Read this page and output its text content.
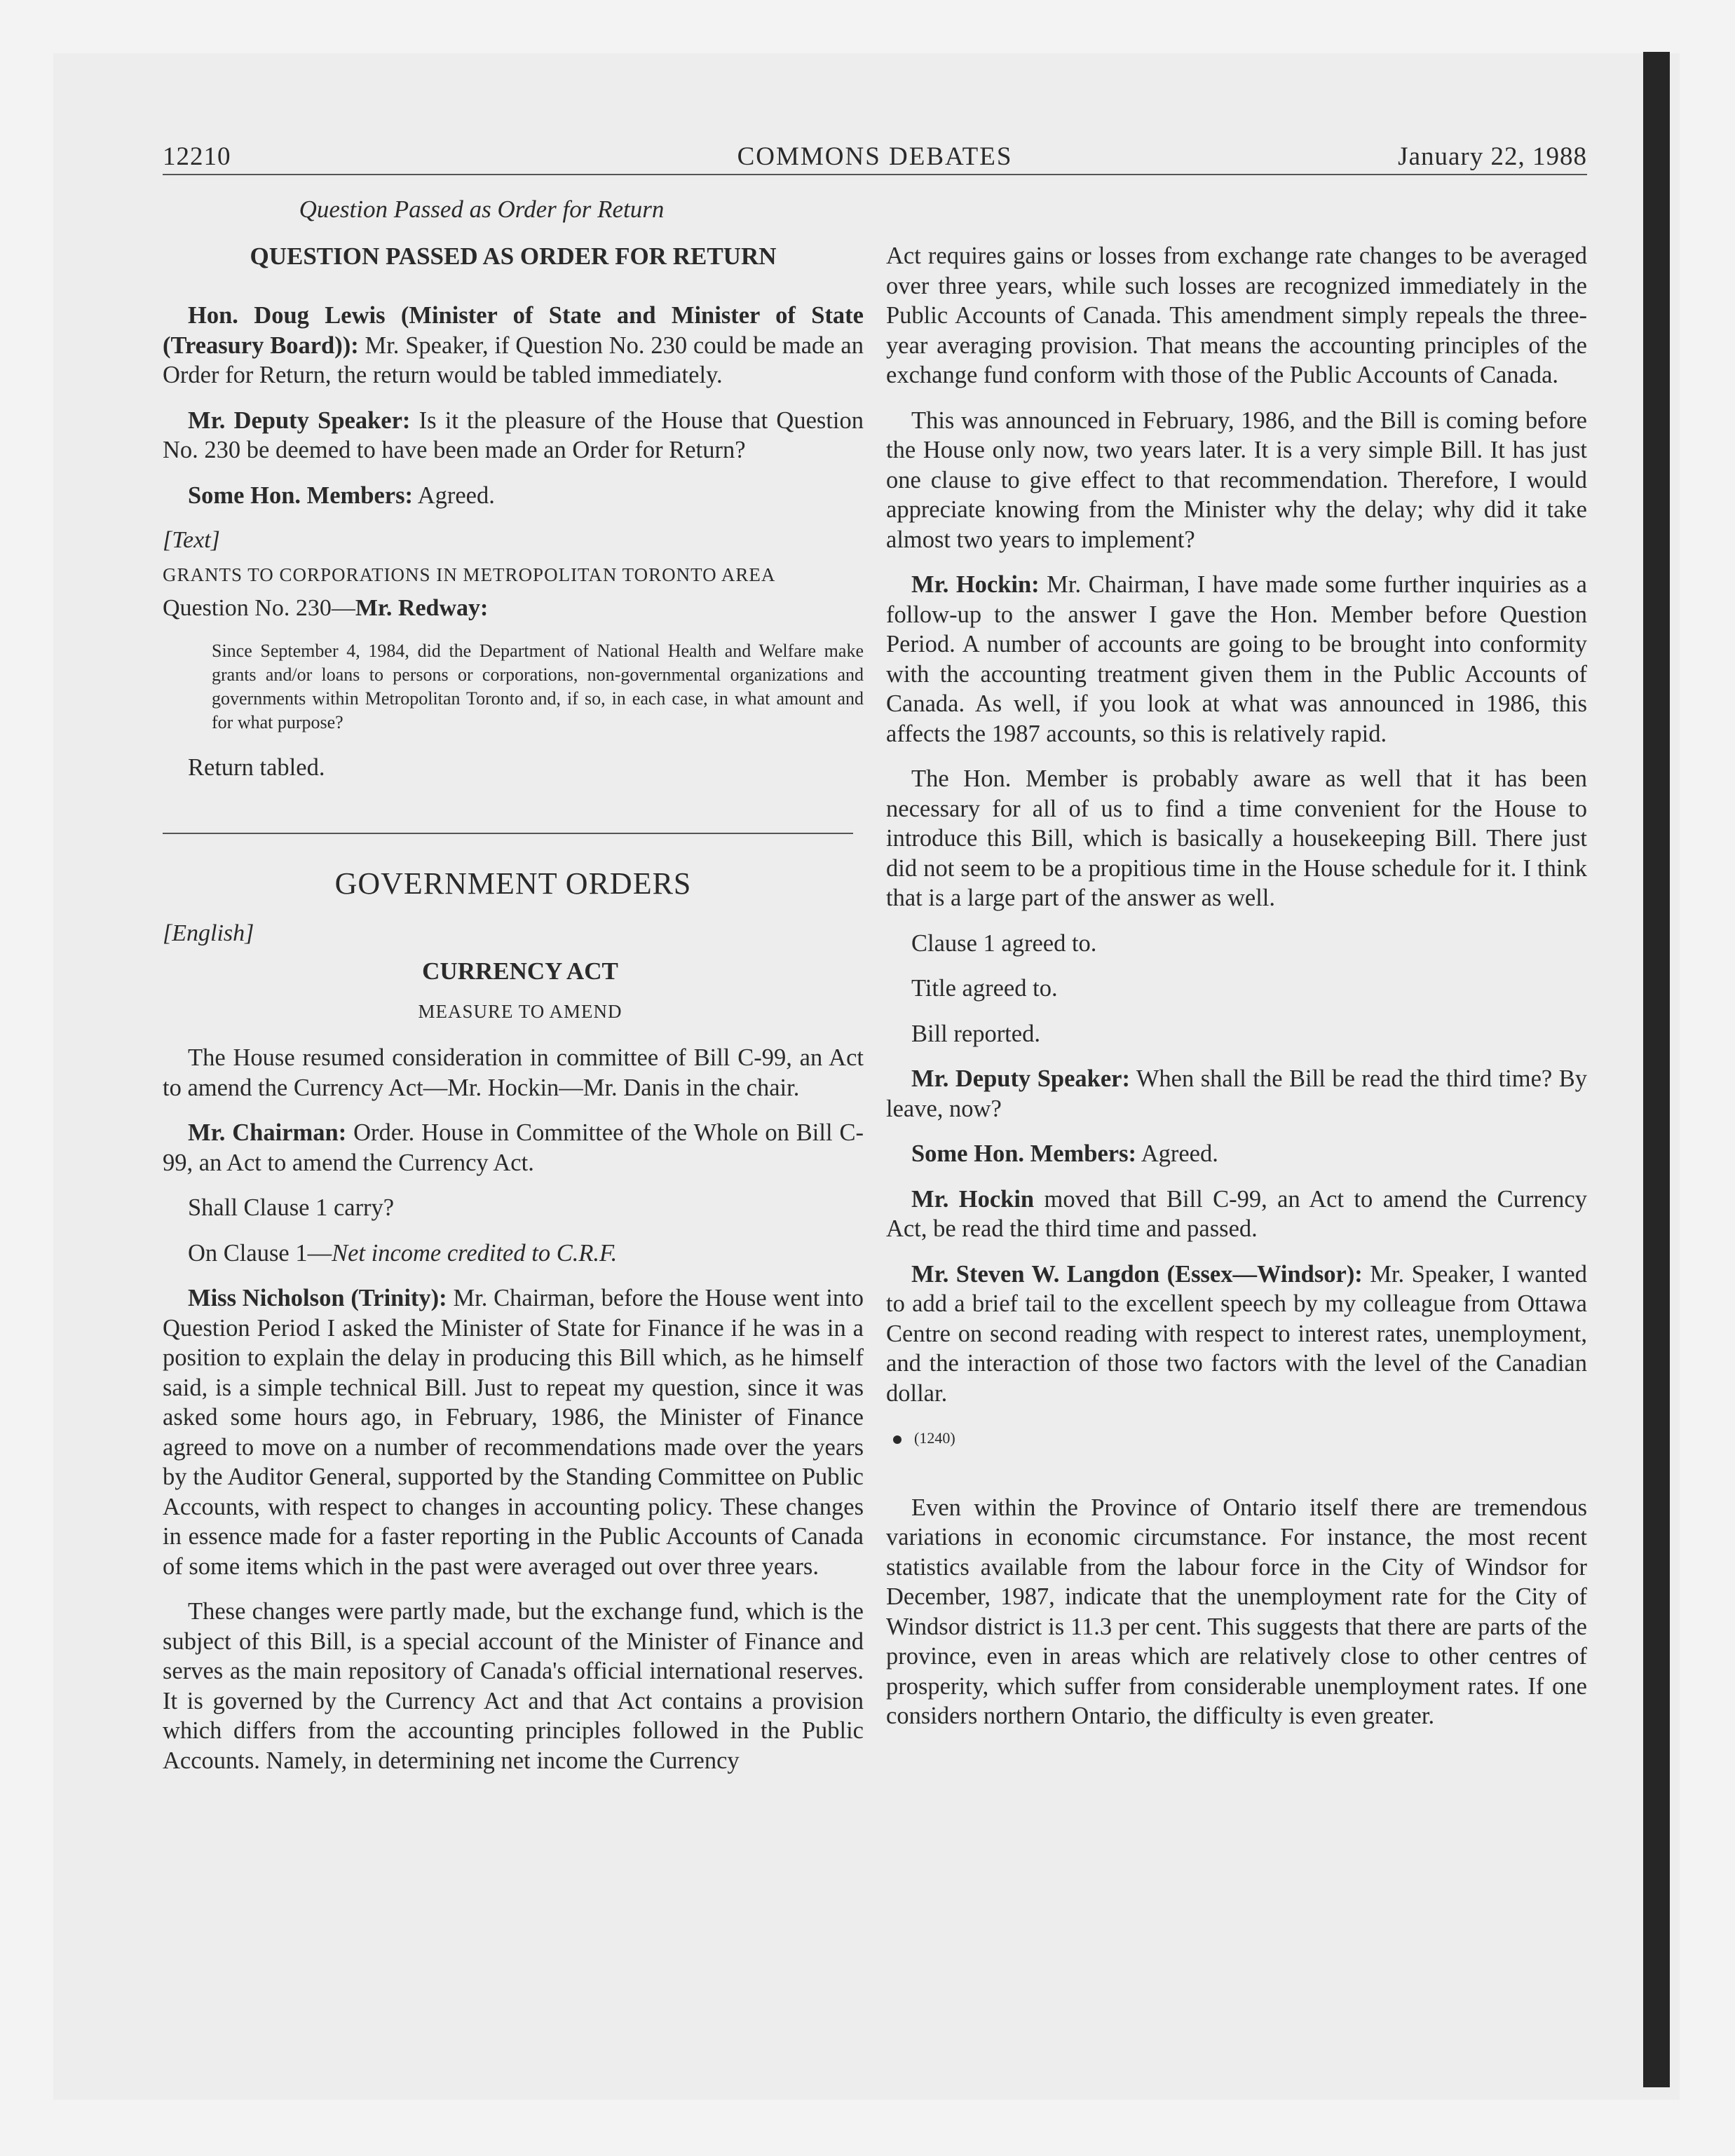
12210	COMMONS DEBATES	January 22, 1988

Question Passed as Order for Return

QUESTION PASSED AS ORDER FOR RETURN

Hon. Doug Lewis (Minister of State and Minister of State (Treasury Board)): Mr. Speaker, if Question No. 230 could be made an Order for Return, the return would be tabled immediately.

Mr. Deputy Speaker: Is it the pleasure of the House that Question No. 230 be deemed to have been made an Order for Return?

Some Hon. Members: Agreed.

[Text]

GRANTS TO CORPORATIONS IN METROPOLITAN TORONTO AREA

Question No. 230—Mr. Redway:

Since September 4, 1984, did the Department of National Health and Welfare make grants and/or loans to persons or corporations, non-governmental organizations and governments within Metropolitan Toronto and, if so, in each case, in what amount and for what purpose?

Return tabled.

GOVERNMENT ORDERS

[English]

CURRENCY ACT

MEASURE TO AMEND

The House resumed consideration in committee of Bill C-99, an Act to amend the Currency Act—Mr. Hockin—Mr. Danis in the chair.

Mr. Chairman: Order. House in Committee of the Whole on Bill C-99, an Act to amend the Currency Act.

Shall Clause 1 carry?

On Clause 1—Net income credited to C.R.F.

Miss Nicholson (Trinity): Mr. Chairman, before the House went into Question Period I asked the Minister of State for Finance if he was in a position to explain the delay in producing this Bill which, as he himself said, is a simple technical Bill. Just to repeat my question, since it was asked some hours ago, in February, 1986, the Minister of Finance agreed to move on a number of recommendations made over the years by the Auditor General, supported by the Standing Committee on Public Accounts, with respect to changes in accounting policy. These changes in essence made for a faster reporting in the Public Accounts of Canada of some items which in the past were averaged out over three years.

These changes were partly made, but the exchange fund, which is the subject of this Bill, is a special account of the Minister of Finance and serves as the main repository of Canada's official international reserves. It is governed by the Currency Act and that Act contains a provision which differs from the accounting principles followed in the Public Accounts. Namely, in determining net income the Currency

Act requires gains or losses from exchange rate changes to be averaged over three years, while such losses are recognized immediately in the Public Accounts of Canada. This amendment simply repeals the three-year averaging provision. That means the accounting principles of the exchange fund conform with those of the Public Accounts of Canada.

This was announced in February, 1986, and the Bill is coming before the House only now, two years later. It is a very simple Bill. It has just one clause to give effect to that recommendation. Therefore, I would appreciate knowing from the Minister why the delay; why did it take almost two years to implement?

Mr. Hockin: Mr. Chairman, I have made some further inquiries as a follow-up to the answer I gave the Hon. Member before Question Period. A number of accounts are going to be brought into conformity with the accounting treatment given them in the Public Accounts of Canada. As well, if you look at what was announced in 1986, this affects the 1987 accounts, so this is relatively rapid.

The Hon. Member is probably aware as well that it has been necessary for all of us to find a time convenient for the House to introduce this Bill, which is basically a housekeeping Bill. There just did not seem to be a propitious time in the House schedule for it. I think that is a large part of the answer as well.

Clause 1 agreed to.

Title agreed to.

Bill reported.

Mr. Deputy Speaker: When shall the Bill be read the third time? By leave, now?

Some Hon. Members: Agreed.

Mr. Hockin moved that Bill C-99, an Act to amend the Currency Act, be read the third time and passed.

Mr. Steven W. Langdon (Essex—Windsor): Mr. Speaker, I wanted to add a brief tail to the excellent speech by my colleague from Ottawa Centre on second reading with respect to interest rates, unemployment, and the interaction of those two factors with the level of the Canadian dollar.

(1240)

Even within the Province of Ontario itself there are tremendous variations in economic circumstance. For instance, the most recent statistics available from the labour force in the City of Windsor for December, 1987, indicate that the unemployment rate for the City of Windsor district is 11.3 per cent. This suggests that there are parts of the province, even in areas which are relatively close to other centres of prosperity, which suffer from considerable unemployment rates. If one considers northern Ontario, the difficulty is even greater.
